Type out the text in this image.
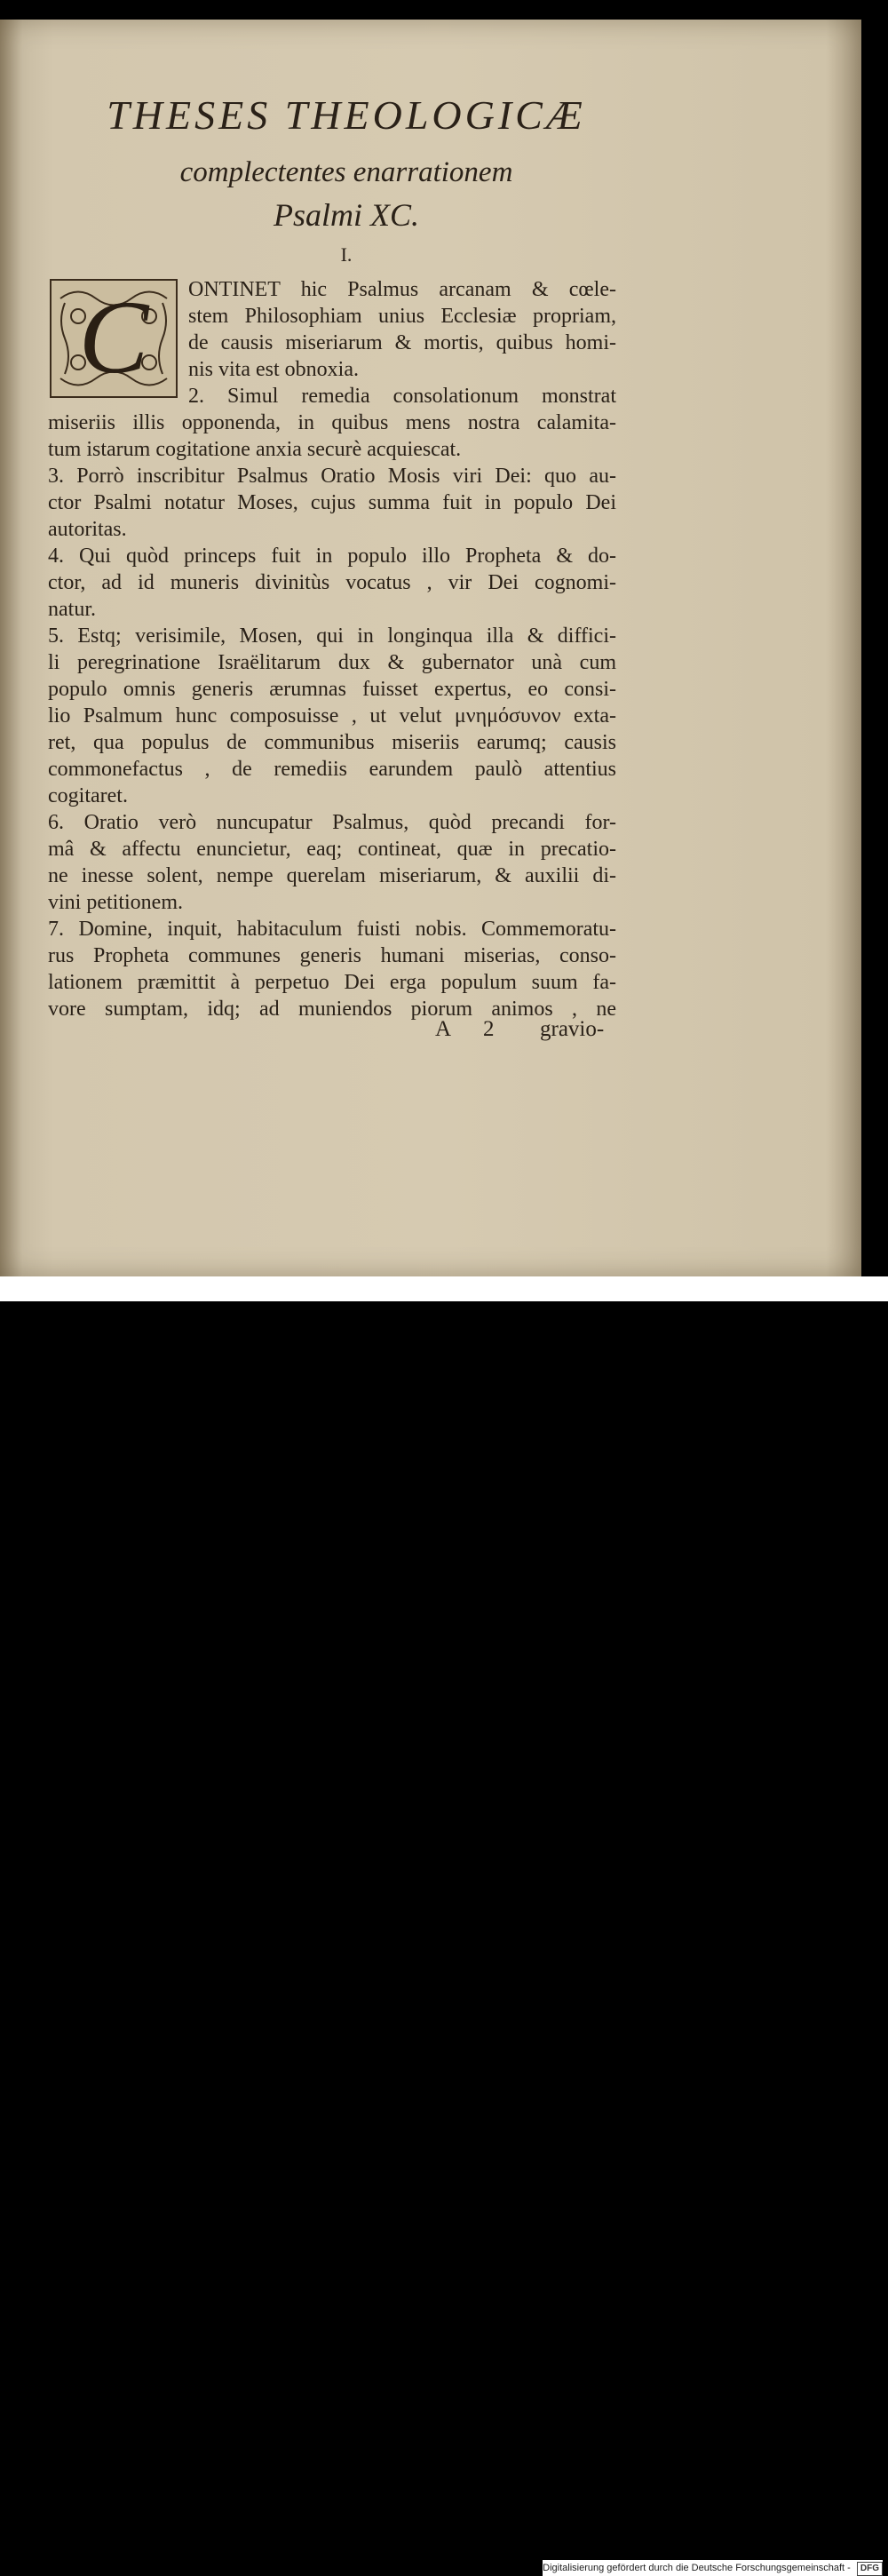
THESES THEOLOGICÆ
complectentes enarrationem
Psalmi XC.
I.
C	ONTINET hic Psalmus arcanam & cœle-
stem Philosophiam unius Ecclesiæ propriam,
de causis miseriarum & mortis, quibus homi-
nis vita est obnoxia.
2. Simul remedia consolationum monstrat
miseriis illis opponenda, in quibus mens nostra calamita-
tum istarum cogitatione anxia securè acquiescat.
3. Porrò inscribitur Psalmus Oratio Mosis viri Dei: quo au-
ctor Psalmi notatur Moses, cujus summa fuit in populo Dei
autoritas.
4. Qui quòd princeps fuit in populo illo Propheta & do-
ctor, ad id muneris divinitùs vocatus , vir Dei cognomi-
natur.
5. Estq; verisimile, Mosen, qui in longinqua illa & diffici-
li peregrinatione Israëlitarum dux & gubernator unà cum
populo omnis generis ærumnas fuisset expertus, eo consi-
lio Psalmum hunc composuisse , ut velut μνημόσυνον exta-
ret, qua populus de communibus miseriis earumq; causis
commonefactus , de remediis earundem paulò attentius
cogitaret.
6. Oratio verò nuncupatur Psalmus, quòd precandi for-
mâ & affectu enuncietur, eaq; contineat, quæ in precatio-
ne inesse solent, nempe querelam miseriarum, & auxilii di-
vini petitionem.
7. Domine, inquit, habitaculum fuisti nobis. Commemoratu-
rus Propheta communes generis humani miserias, conso-
lationem præmittit à perpetuo Dei erga populum suum fa-
vore sumptam, idq; ad muniendos piorum animos , ne
A 2 gravio-
Digitalisierung gefördert durch die Deutsche Forschungsgemeinschaft - DFG
